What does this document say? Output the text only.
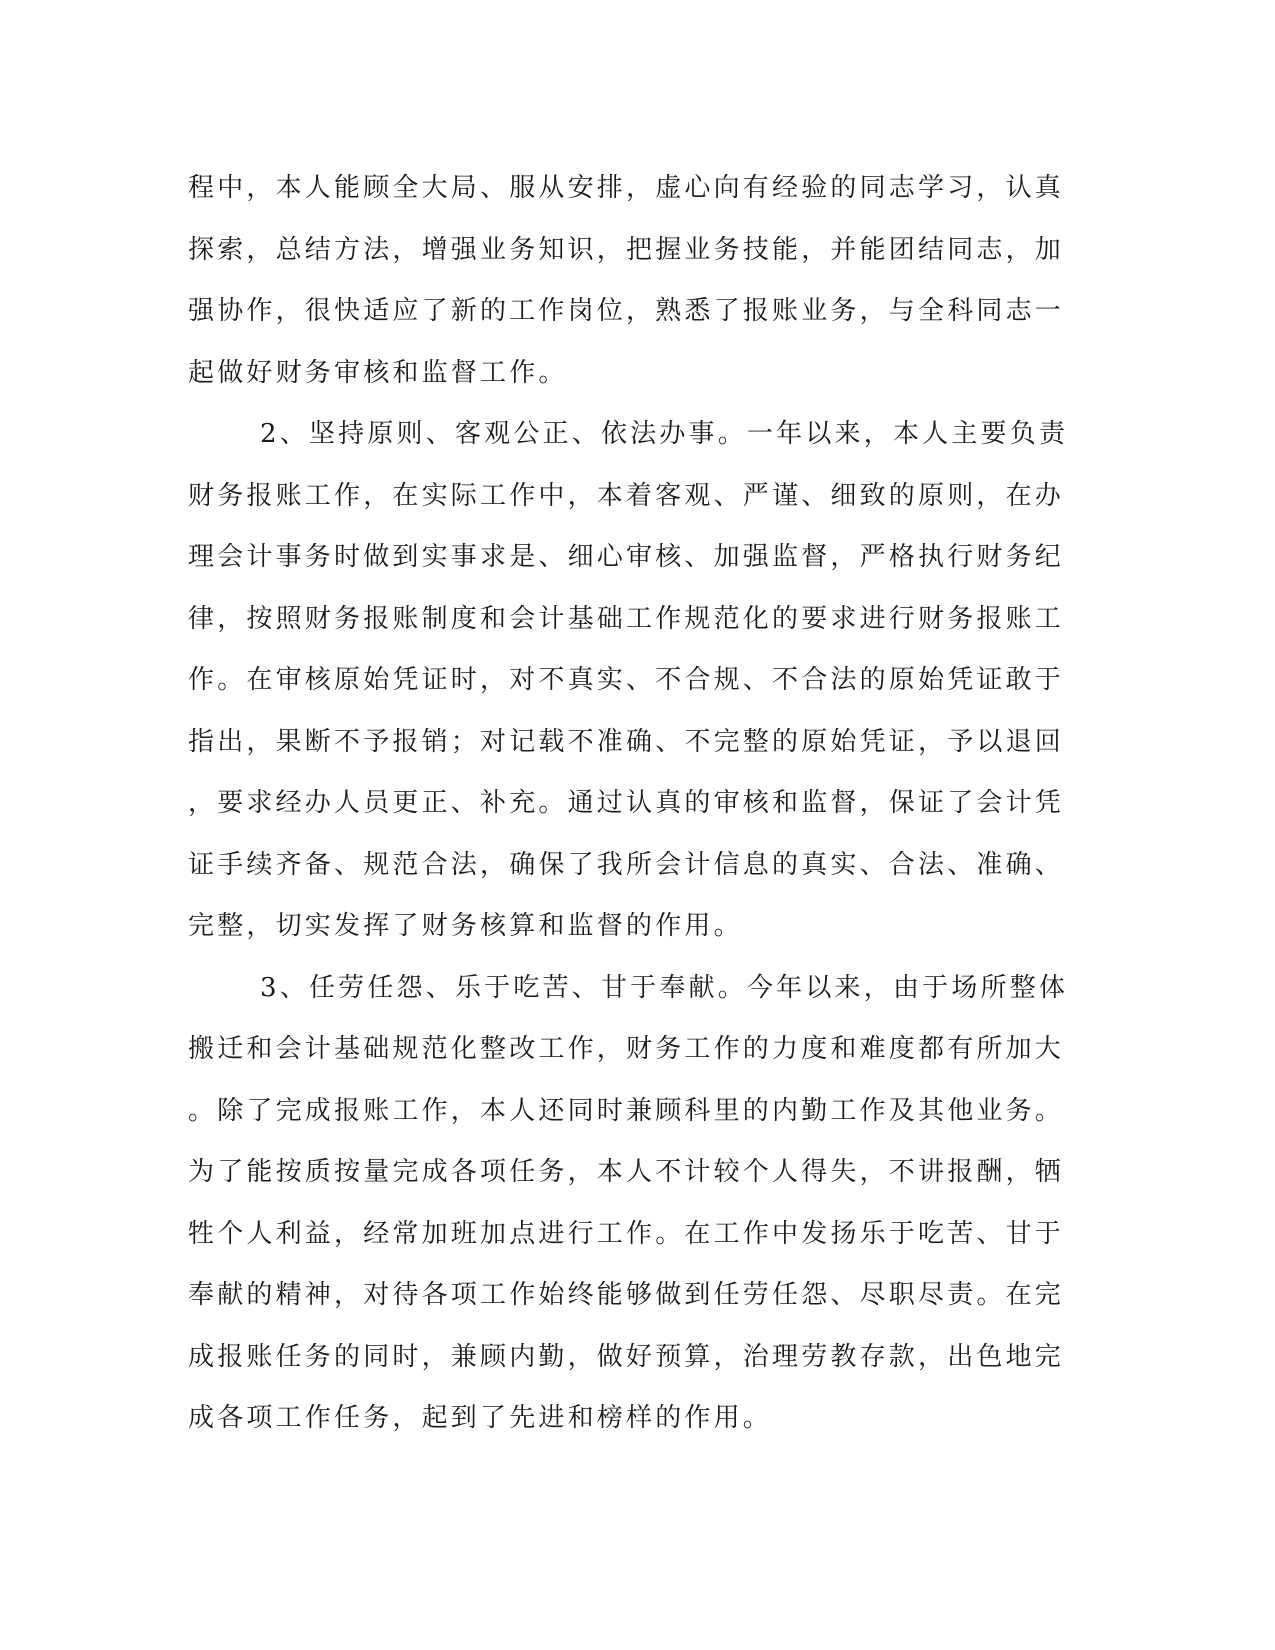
程中，本人能顾全大局、服从安排，虚心向有经验的同志学习，认真
探索，总结方法，增强业务知识，把握业务技能，并能团结同志，加
强协作，很快适应了新的工作岗位，熟悉了报账业务，与全科同志一
起做好财务审核和监督工作。
2、坚持原则、客观公正、依法办事。一年以来，本人主要负责
财务报账工作，在实际工作中，本着客观、严谨、细致的原则，在办
理会计事务时做到实事求是、细心审核、加强监督，严格执行财务纪
律，按照财务报账制度和会计基础工作规范化的要求进行财务报账工
作。在审核原始凭证时，对不真实、不合规、不合法的原始凭证敢于
指出，果断不予报销；对记载不准确、不完整的原始凭证，予以退回
，要求经办人员更正、补充。通过认真的审核和监督，保证了会计凭
证手续齐备、规范合法，确保了我所会计信息的真实、合法、准确、
完整，切实发挥了财务核算和监督的作用。
3、任劳任怨、乐于吃苦、甘于奉献。今年以来，由于场所整体
搬迁和会计基础规范化整改工作，财务工作的力度和难度都有所加大
。除了完成报账工作，本人还同时兼顾科里的内勤工作及其他业务。
为了能按质按量完成各项任务，本人不计较个人得失，不讲报酬，牺
牲个人利益，经常加班加点进行工作。在工作中发扬乐于吃苦、甘于
奉献的精神，对待各项工作始终能够做到任劳任怨、尽职尽责。在完
成报账任务的同时，兼顾内勤，做好预算，治理劳教存款，出色地完
成各项工作任务，起到了先进和榜样的作用。
